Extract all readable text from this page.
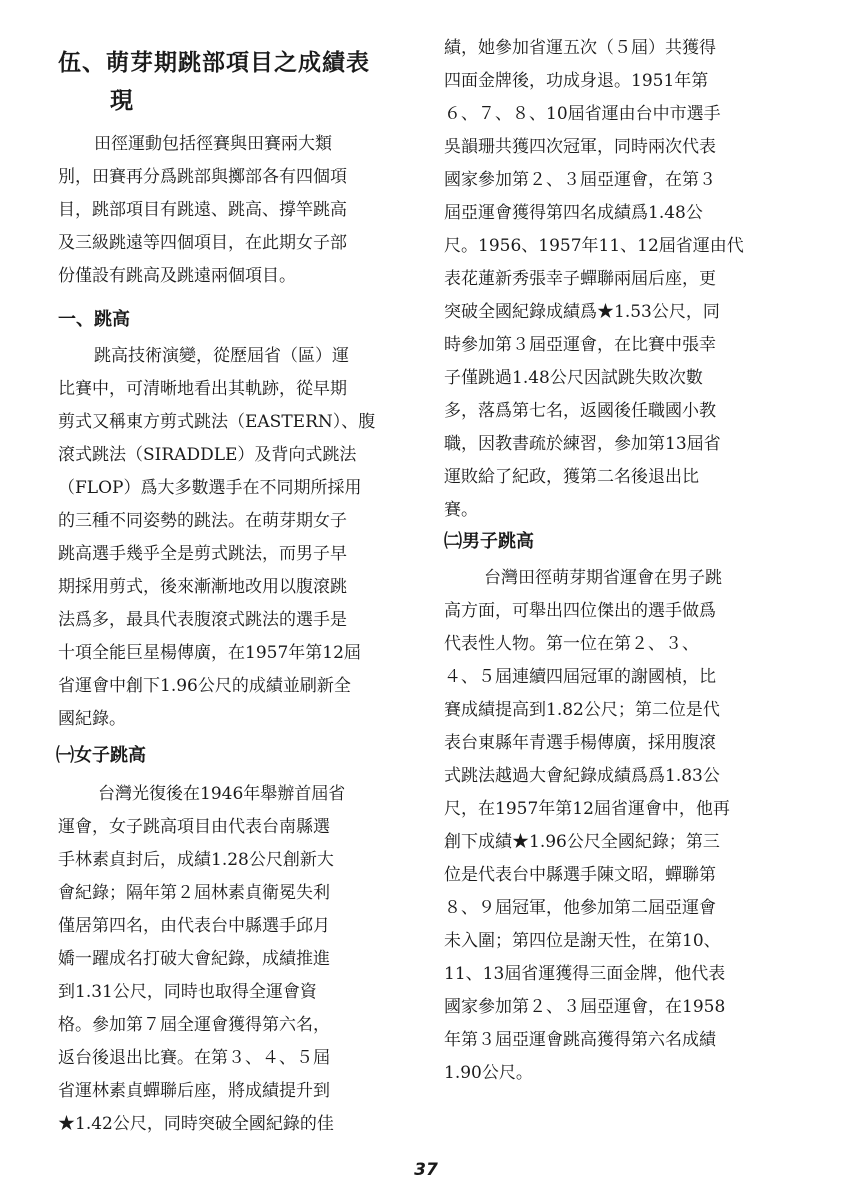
伍、萌芽期跳部項目之成績表
現
田徑運動包括徑賽與田賽兩大類
別，田賽再分爲跳部與擲部各有四個項
目，跳部項目有跳遠、跳高、撐竿跳高
及三級跳遠等四個項目，在此期女子部
份僅設有跳高及跳遠兩個項目。
一、跳高
跳高技術演變，從歷屆省（區）運
比賽中，可清晰地看出其軌跡，從早期
剪式又稱東方剪式跳法（EASTERN）、腹
滾式跳法（SIRADDLE）及背向式跳法
（FLOP）爲大多數選手在不同期所採用
的三種不同姿勢的跳法。在萌芽期女子
跳高選手幾乎全是剪式跳法，而男子早
期採用剪式，後來漸漸地改用以腹滾跳
法爲多，最具代表腹滾式跳法的選手是
十項全能巨星楊傳廣，在1957年第12屆
省運會中創下1.96公尺的成績並刷新全
國紀錄。
㈠女子跳高
台灣光復後在1946年舉辦首屆省
運會，女子跳高項目由代表台南縣選
手林素貞封后，成績1.28公尺創新大
會紀錄；隔年第２屆林素貞衛冕失利
僅居第四名，由代表台中縣選手邱月
嬌一躍成名打破大會紀錄，成績推進
到1.31公尺，同時也取得全運會資
格。參加第７屆全運會獲得第六名，
返台後退出比賽。在第３、４、５屆
省運林素貞蟬聯后座，將成績提升到
★1.42公尺，同時突破全國紀錄的佳
績，她參加省運五次（５屆）共獲得
四面金牌後，功成身退。1951年第
６、７、８、10屆省運由台中市選手
吳韻珊共獲四次冠軍，同時兩次代表
國家參加第２、３屆亞運會，在第３
屆亞運會獲得第四名成績爲1.48公
尺。1956、1957年11、12屆省運由代
表花蓮新秀張幸子蟬聯兩屆后座，更
突破全國紀錄成績爲★1.53公尺，同
時參加第３屆亞運會，在比賽中張幸
子僅跳過1.48公尺因試跳失敗次數
多，落爲第七名，返國後任職國小教
職，因教書疏於練習，參加第13屆省
運敗給了紀政，獲第二名後退出比
賽。
㈡男子跳高
台灣田徑萌芽期省運會在男子跳
高方面，可舉出四位傑出的選手做爲
代表性人物。第一位在第２、３、
４、５屆連續四屆冠軍的謝國楨，比
賽成績提高到1.82公尺；第二位是代
表台東縣年青選手楊傳廣，採用腹滾
式跳法越過大會紀錄成績爲爲1.83公
尺，在1957年第12屆省運會中，他再
創下成績★1.96公尺全國紀錄；第三
位是代表台中縣選手陳文昭，蟬聯第
８、９屆冠軍，他參加第二屆亞運會
未入圍；第四位是謝天性，在第10、
11、13屆省運獲得三面金牌，他代表
國家參加第２、３屆亞運會，在1958
年第３屆亞運會跳高獲得第六名成績
1.90公尺。
37
